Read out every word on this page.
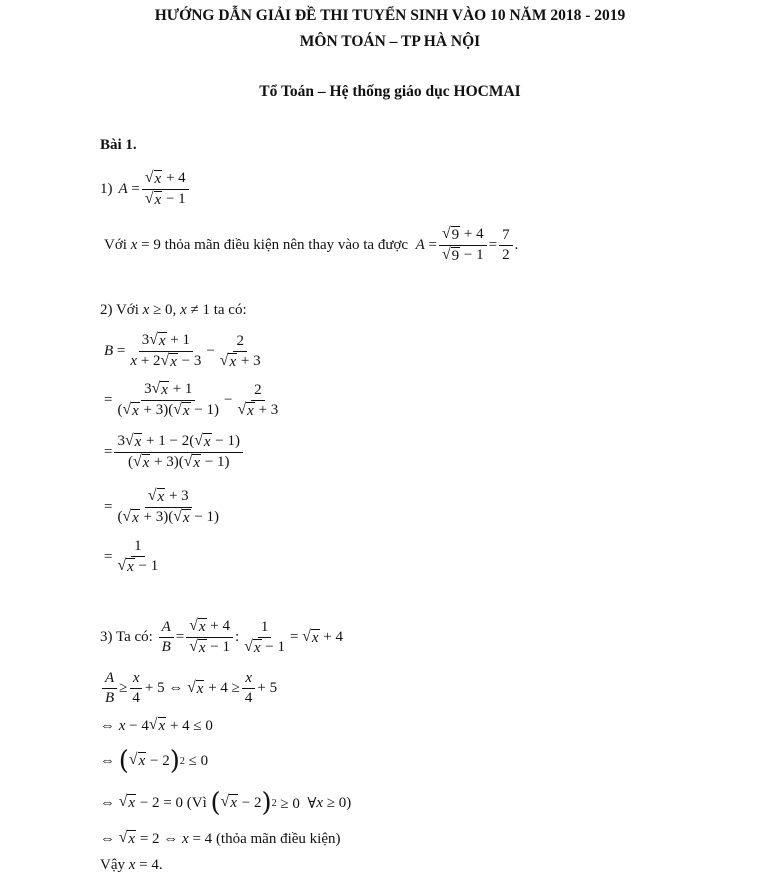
HƯỚNG DẪN GIẢI ĐỀ THI TUYỂN SINH VÀO 10 NĂM 2018 - 2019
MÔN TOÁN – TP HÀ NỘI
Tổ Toán – Hệ thống giáo dục HOCMAI
Bài 1.
1) $A = \frac{√ x + 4}{√ x - 1}$
Với
x = 9 thỏa mãn điều kiện nên thay vào ta được
$A = \frac{√ 9 + 4}{√ 9 - 1} = \frac{7}{2}$ .
2) Với
x ≥ 0, x ≠ 1 ta có:
$B = \frac{3 √ x + 1}{x + 2 √ x - 3} - \frac{2}{√ x + 3}$
= $\frac{3 √ x + 1}{( √ x + 3)( √ x - 1)} - \frac{2}{√ x + 3}$
= $\frac{3 √ x + 1 - 2( √ x - 1)}{( √ x + 3)( √ x - 1)}$
= $\frac{√ x + 3}{( √ x + 3)( √ x - 1)}$
= $\frac{1}{√ x - 1}$
3) Ta có:
$\frac{A}{B} = \frac{√ x + 4}{√ x - 1}$ : $\frac{1}{√ x - 1}$ = √ x + 4
$\frac{A}{B} \ge \frac{x}{4} + 5$ ⇔ √ $x + 4 \ge \frac{x}{4} + 5$
⇔ x − 4 √ x + 4 ≤ 0
⇔ ( √ x − 2 ) 2 ≤ 0
⇔ √ x − 2 = 0 (Vì
( √ x − 2 ) 2 ≥ 0  ∀ x ≥ 0)
⇔ √ x = 2 ⇔ x = 4 (thỏa mãn điều kiện)
Vậy
x = 4.
